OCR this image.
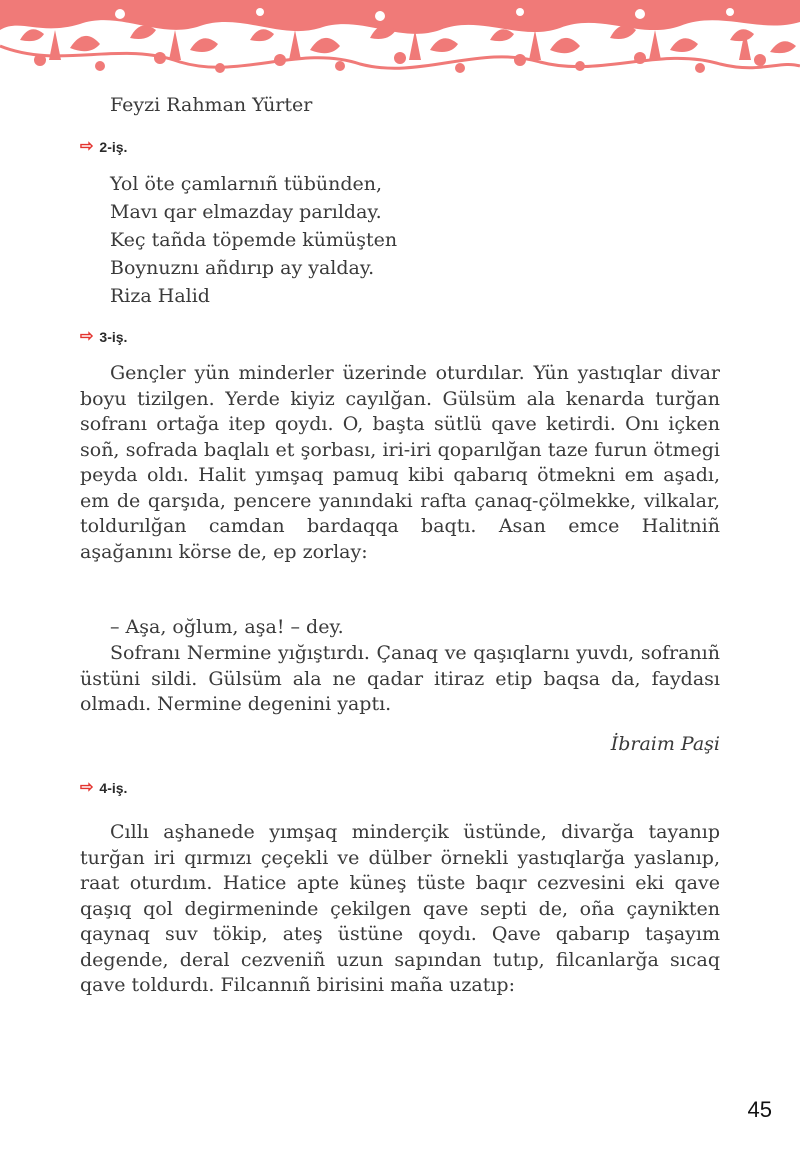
Feyzi Rahman Yürter
⇨ 2-iş.
Yol öte çamlarnıñ tübünden,
Mavı qar elmazday parılday.
Keç tañda töpemde kümüşten
Boynuznı añdırıp ay yalday.
Riza Halid
⇨ 3-iş.

Gençler yün minderler üzerinde oturdılar. Yün yastıqlar divar boyu tizilgen. Yerde kiyiz cayılğan. Gülsüm ala kenarda turğan sofranı ortağa itep qoydı. O, başta sütlü qave ketirdi. Onı içken soñ, sofrada baqlalı et şorbası, iri-iri qoparılğan taze furun ötmegi peyda oldı. Halit yımşaq pamuq kibi qabarıq ötmekni em aşadı, em de qarşıda, pencere yanındaki rafta çanaq-çölmekke, vilkalar, toldurılğan camdan bardaqqa baqtı. Asan emce Halitniñ aşağanını körse de, ep zorlay:

– Aşa, oğlum, aşa! – dey.

Sofranı Nermine yığıştırdı. Çanaq ve qaşıqlarnı yuvdı, sofranıñ üstüni sildi. Gülsüm ala ne qadar itiraz etip baqsa da, faydası olmadı. Nermine degenini yaptı.

İbraim Paşi
⇨ 4-iş.

Cıllı aşhanede yımşaq minderçik üstünde, divarğa tayanıp turğan iri qırmızı çeçekli ve dülber örnekli yastıqlarğa yaslanıp, raat oturdım. Hatice apte küneş tüste baqır cezvesini eki qave qaşıq qol degirmeninde çekilgen qave septi de, oña çaynikten qaynaq suv tökip, ateş üstüne qoydı. Qave qabarıp taşayım degende, deral cezveniñ uzun sapından tutıp, filcanlarğa sıcaq qave toldurdı. Filcannıñ birisini maña uzatıp:

45
